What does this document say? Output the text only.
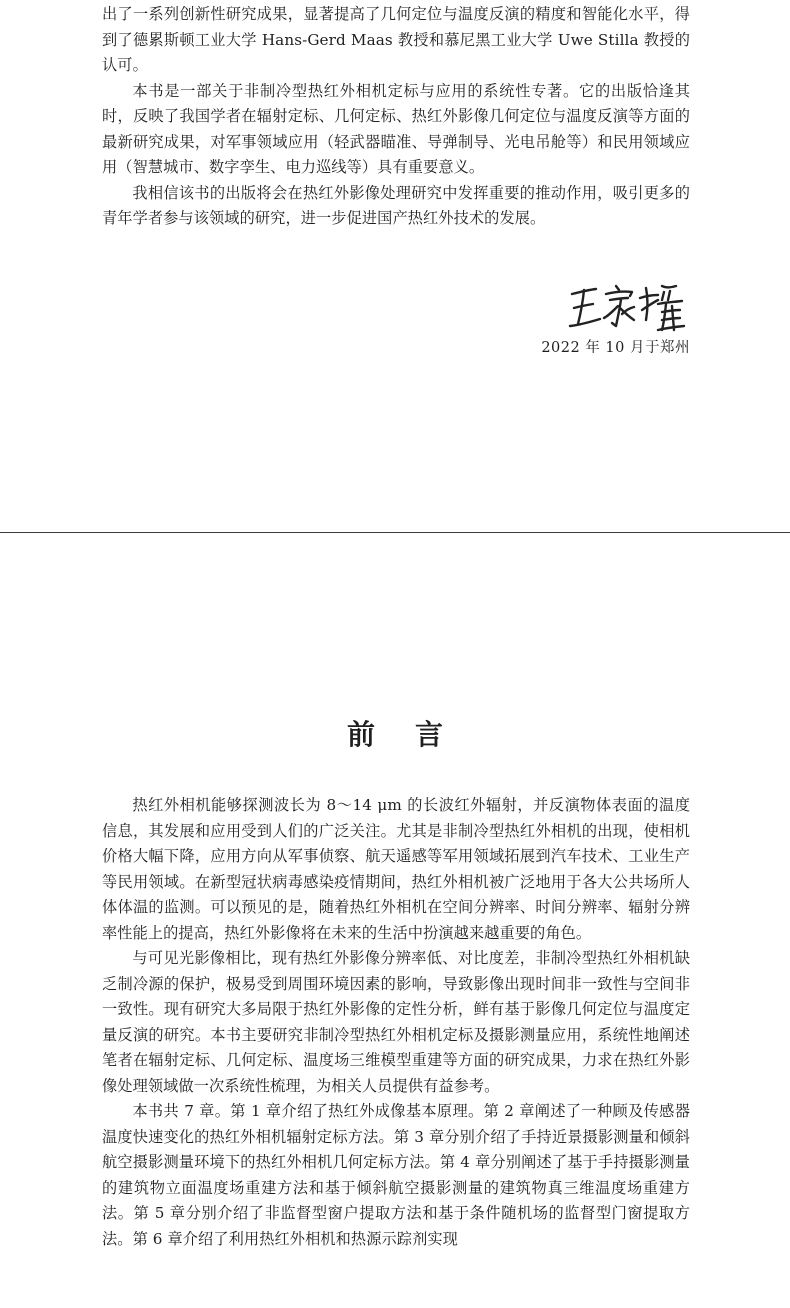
出了一系列创新性研究成果，显著提高了几何定位与温度反演的精度和智能化水平，得到了德累斯顿工业大学 Hans-Gerd Maas 教授和慕尼黑工业大学 Uwe Stilla 教授的认可。

本书是一部关于非制冷型热红外相机定标与应用的系统性专著。它的出版恰逢其时，反映了我国学者在辐射定标、几何定标、热红外影像几何定位与温度反演等方面的最新研究成果，对军事领域应用（轻武器瞄准、导弹制导、光电吊舱等）和民用领域应用（智慧城市、数字孪生、电力巡线等）具有重要意义。

我相信该书的出版将会在热红外影像处理研究中发挥重要的推动作用，吸引更多的青年学者参与该领域的研究，进一步促进国产热红外技术的发展。

2022 年 10 月于郑州
前言

热红外相机能够探测波长为 8～14 μm 的长波红外辐射，并反演物体表面的温度信息，其发展和应用受到人们的广泛关注。尤其是非制冷型热红外相机的出现，使相机价格大幅下降，应用方向从军事侦察、航天遥感等军用领域拓展到汽车技术、工业生产等民用领域。在新型冠状病毒感染疫情期间，热红外相机被广泛地用于各大公共场所人体体温的监测。可以预见的是，随着热红外相机在空间分辨率、时间分辨率、辐射分辨率性能上的提高，热红外影像将在未来的生活中扮演越来越重要的角色。

与可见光影像相比，现有热红外影像分辨率低、对比度差，非制冷型热红外相机缺乏制冷源的保护，极易受到周围环境因素的影响，导致影像出现时间非一致性与空间非一致性。现有研究大多局限于热红外影像的定性分析，鲜有基于影像几何定位与温度定量反演的研究。本书主要研究非制冷型热红外相机定标及摄影测量应用，系统性地阐述笔者在辐射定标、几何定标、温度场三维模型重建等方面的研究成果，力求在热红外影像处理领域做一次系统性梳理，为相关人员提供有益参考。

本书共 7 章。第 1 章介绍了热红外成像基本原理。第 2 章阐述了一种顾及传感器温度快速变化的热红外相机辐射定标方法。第 3 章分别介绍了手持近景摄影测量和倾斜航空摄影测量环境下的热红外相机几何定标方法。第 4 章分别阐述了基于手持摄影测量的建筑物立面温度场重建方法和基于倾斜航空摄影测量的建筑物真三维温度场重建方法。第 5 章分别介绍了非监督型窗户提取方法和基于条件随机场的监督型门窗提取方法。第 6 章介绍了利用热红外相机和热源示踪剂实现
